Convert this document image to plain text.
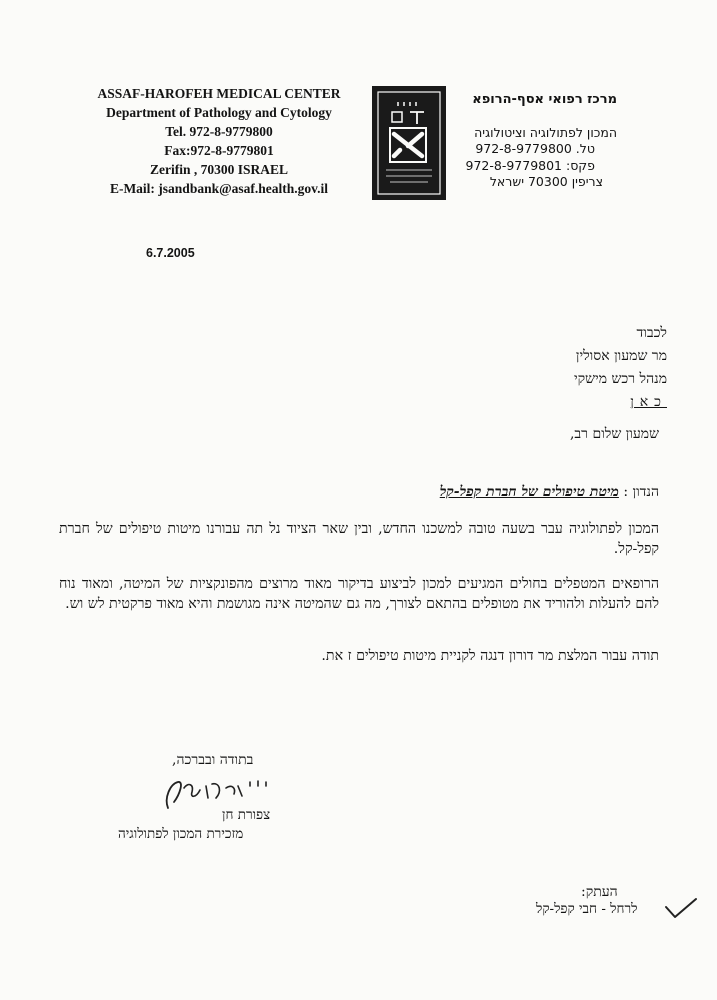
ASSAF-HAROFEH MEDICAL CENTER
Department of Pathology and Cytology
Tel. 972-8-9779800
Fax:972-8-9779801
Zerifin , 70300 ISRAEL
E-Mail: jsandbank@asaf.health.gov.il
מרכז רפואי אסף-הרופא
המכון לפתולוגיה וציטולוגיה
טל. 972-8-9779800
פקס: 972-8-9779801
צריפין 70300 ישראל
6.7.2005
לכבוד
מר שמעון אסולין
מנהל רכש מישקי
כאן
שמעון שלום רב,
הנדון : מיטת טיפולים של חברת קפל-קל
המכון לפתולוגיה עבר בשעה טובה למשכנו החדש, ובין שאר הציוד נל תה עבורנו מיטות טיפולים של חברת קפל-קל.
הרופאים המטפלים בחולים המגיעים למכון לביצוע בדיקור מאוד מרוצים מהפונקציות של המיטה, ומאוד נוח להם להעלות ולהוריד את מטופלים בהתאם לצורך, מה גם שהמיטה אינה מגושמת והיא מאוד פרקטית לש וש.
תודה עבור המלצת מר דורון דנגה לקניית מיטות טיפולים ז את.
בתודה ובברכה,
צפורת חן
מזכירת המכון לפתולוגיה
העתק:
לרחל - חבי קפל-קל
